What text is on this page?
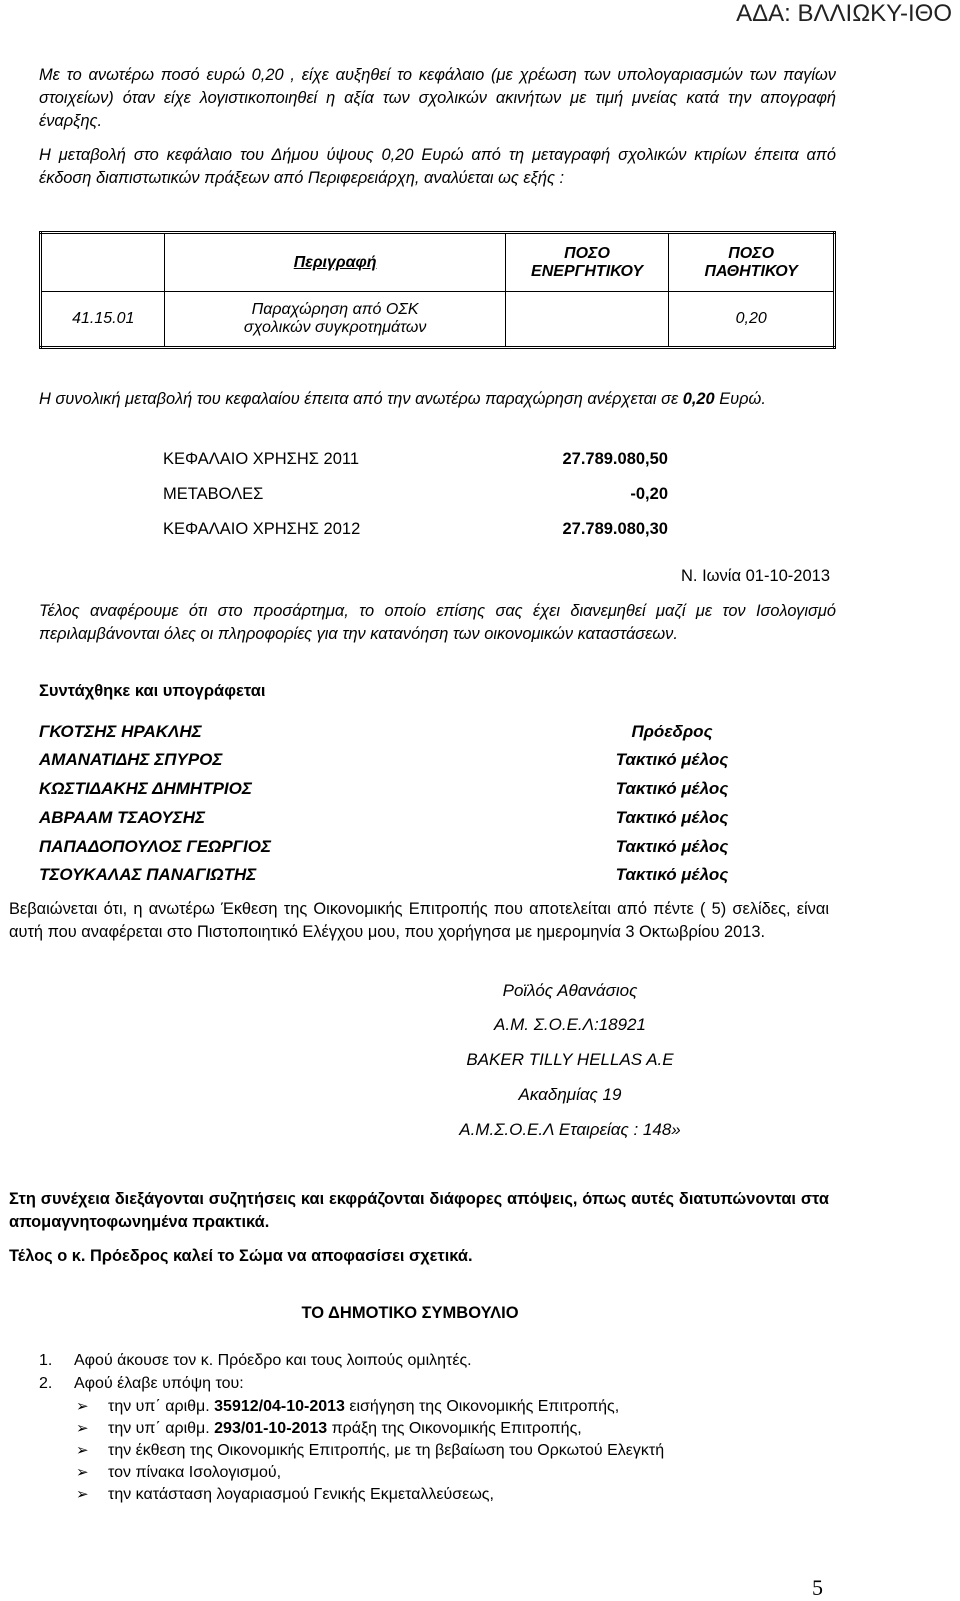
ΑΔΑ: ΒΛΛΙΩΚΥ-ΙΘΟ
Με το ανωτέρω ποσό ευρώ 0,20 , είχε αυξηθεί το κεφάλαιο (με χρέωση των υπολογαριασμών των παγίων στοιχείων) όταν είχε λογιστικοποιηθεί η αξία των σχολικών ακινήτων με τιμή μνείας κατά την απογραφή έναρξης.
Η μεταβολή στο κεφάλαιο του Δήμου ύψους 0,20 Ευρώ από τη μεταγραφή σχολικών κτιρίων έπειτα από έκδοση διαπιστωτικών πράξεων από Περιφερειάρχη, αναλύεται ως εξής :
	Περιγραφή	ΠΟΣΟ ΕΝΕΡΓΗΤΙΚΟΥ	ΠΟΣΟ ΠΑΘΗΤΙΚΟΥ
41.15.01	Παραχώρηση από ΟΣΚ σχολικών συγκροτημάτων		0,20
Η συνολική μεταβολή του κεφαλαίου έπειτα από την ανωτέρω παραχώρηση ανέρχεται σε 0,20 Ευρώ.
ΚΕΦΑΛΑΙΟ ΧΡΗΣΗΣ 2011	27.789.080,50
ΜΕΤΑΒΟΛΕΣ	-0,20
ΚΕΦΑΛΑΙΟ ΧΡΗΣΗΣ 2012	27.789.080,30
Ν. Ιωνία 01-10-2013
Τέλος αναφέρουμε ότι στο προσάρτημα, το οποίο επίσης σας έχει διανεμηθεί μαζί με τον Ισολογισμό περιλαμβάνονται όλες οι πληροφορίες για την κατανόηση των οικονομικών καταστάσεων.
Συντάχθηκε και υπογράφεται
ΓΚΟΤΣΗΣ ΗΡΑΚΛΗΣ	Πρόεδρος
ΑΜΑΝΑΤΙΔΗΣ ΣΠΥΡΟΣ	Τακτικό μέλος
ΚΩΣΤΙΔΑΚΗΣ ΔΗΜΗΤΡΙΟΣ	Τακτικό μέλος
ΑΒΡΑΑΜ ΤΣΑΟΥΣΗΣ	Τακτικό μέλος
ΠΑΠΑΔΟΠΟΥΛΟΣ ΓΕΩΡΓΙΟΣ	Τακτικό μέλος
ΤΣΟΥΚΑΛΑΣ ΠΑΝΑΓΙΩΤΗΣ	Τακτικό μέλος
Βεβαιώνεται ότι, η ανωτέρω Έκθεση της Οικονομικής Επιτροπής που αποτελείται από πέντε ( 5) σελίδες, είναι αυτή που αναφέρεται στο Πιστοποιητικό Ελέγχου μου, που χορήγησα με ημερομηνία 3 Οκτωβρίου 2013.
Ροϊλός Αθανάσιος
Α.Μ. Σ.Ο.Ε.Λ:18921
BAKER TILLY HELLAS A.E
Ακαδημίας 19
Α.Μ.Σ.Ο.Ε.Λ Εταιρείας : 148»
Στη συνέχεια διεξάγονται συζητήσεις και εκφράζονται διάφορες απόψεις, όπως αυτές διατυπώνονται στα απομαγνητοφωνημένα πρακτικά.
Τέλος ο κ. Πρόεδρος καλεί το Σώμα να αποφασίσει σχετικά.
ΤΟ ΔΗΜΟΤΙΚΟ ΣΥΜΒΟΥΛΙΟ
1. Αφού άκουσε τον κ. Πρόεδρο και τους λοιπούς ομιλητές.
2. Αφού έλαβε υπόψη του:
➢ την υπ΄ αριθμ. 35912/04-10-2013 εισήγηση της Οικονομικής Επιτροπής,
➢ την υπ΄ αριθμ. 293/01-10-2013 πράξη της Οικονομικής Επιτροπής,
➢ την έκθεση της Οικονομικής Επιτροπής, με τη βεβαίωση του Ορκωτού Ελεγκτή
➢ τον πίνακα Ισολογισμού,
➢ την κατάσταση λογαριασμού Γενικής Εκμεταλλεύσεως,
5
